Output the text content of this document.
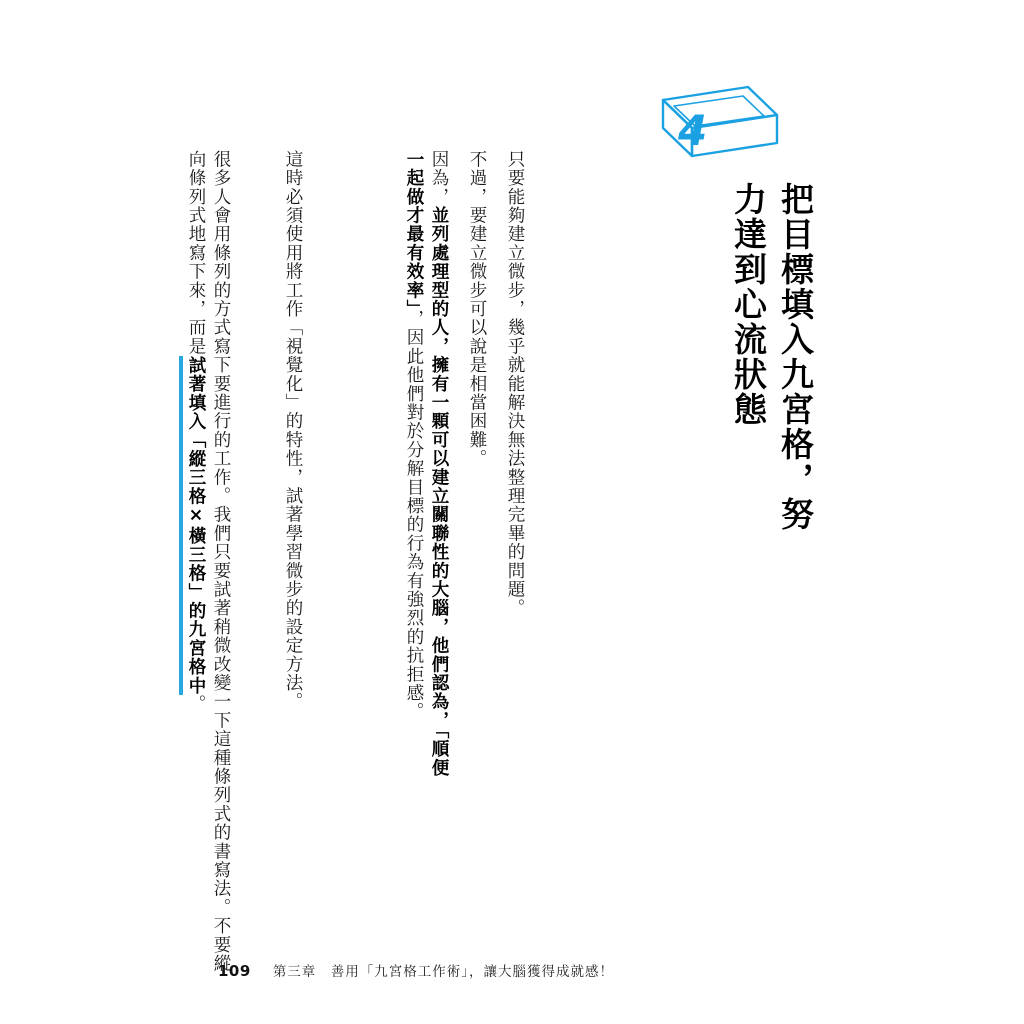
4
把目標填入九宮格，努力達到心流狀態
只要能夠建立微步，幾乎就能解決無法整理完畢的問題。
不過，要建立微步可以說是相當困難。
因為，並列處理型的人，擁有一顆可以建立關聯性的大腦，他們認為，「順便一起做才最有效率」，因此他們對於分解目標的行為有強烈的抗拒感。
這時必須使用將工作「視覺化」的特性，試著學習微步的設定方法。
很多人會用條列的方式寫下要進行的工作。我們只要試著稍微改變一下這種條列式的書寫法。不要縱向條列式地寫下來，而是試著填入「縱三格×橫三格」的九宮格中。
109 第三章　善用「九宮格工作術」，讓大腦獲得成就感！
